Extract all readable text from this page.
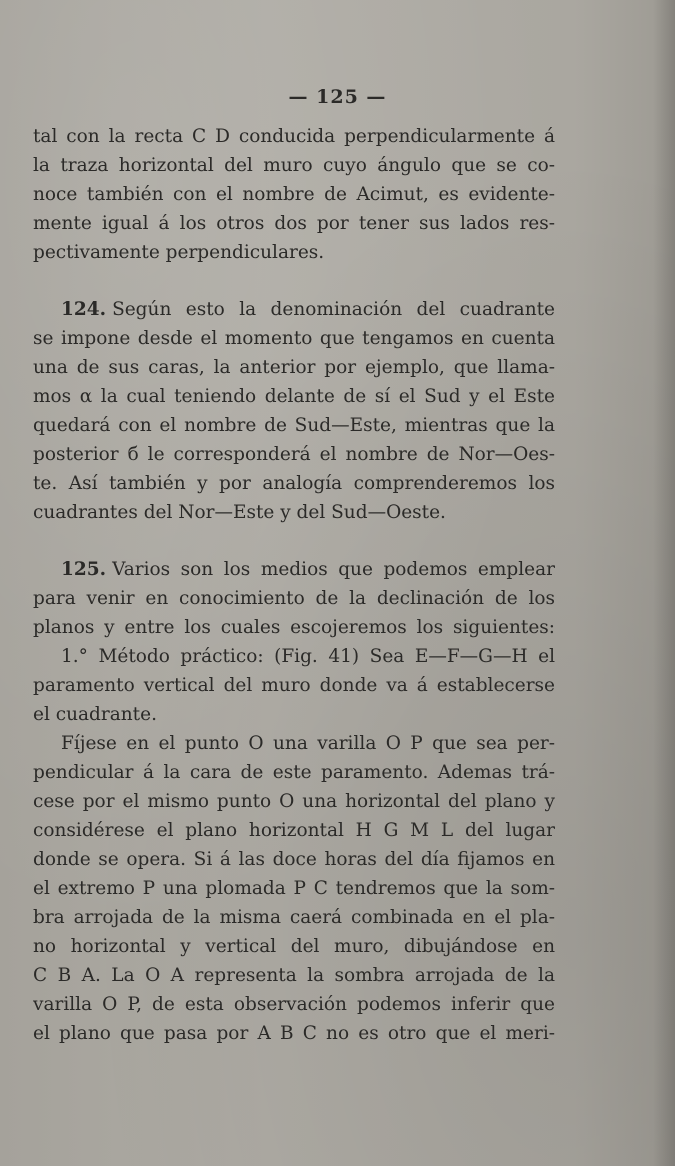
— 125 —

tal con la recta C D conducida perpendicularmente á
la traza horizontal del muro cuyo ángulo que se co-
noce también con el nombre de Acimut, es evidente-
mente igual á los otros dos por tener sus lados res-
pectivamente perpendiculares.

124. Según esto la denominación del cuadrante
se impone desde el momento que tengamos en cuenta
una de sus caras, la anterior por ejemplo, que llama-
mos α la cual teniendo delante de sí el Sud y el Este
quedará con el nombre de Sud—Este, mientras que la
posterior б le corresponderá el nombre de Nor—Oes-
te. Así también y por analogía comprenderemos los
cuadrantes del Nor—Este y del Sud—Oeste.

125. Varios son los medios que podemos emplear
para venir en conocimiento de la declinación de los
planos y entre los cuales escojeremos los siguientes:

1.° Método práctico: (Fig. 41) Sea E—F—G—H el
paramento vertical del muro donde va á establecerse
el cuadrante.

Fíjese en el punto O una varilla O P que sea per-
pendicular á la cara de este paramento. Ademas trá-
cese por el mismo punto O una horizontal del plano y
considérese el plano horizontal H G M L del lugar
donde se opera. Si á las doce horas del día fijamos en
el extremo P una plomada P C tendremos que la som-
bra arrojada de la misma caerá combinada en el pla-
no horizontal y vertical del muro, dibujándose en
C B A. La O A representa la sombra arrojada de la
varilla O P, de esta observación podemos inferir que
el plano que pasa por A B C no es otro que el meri-
